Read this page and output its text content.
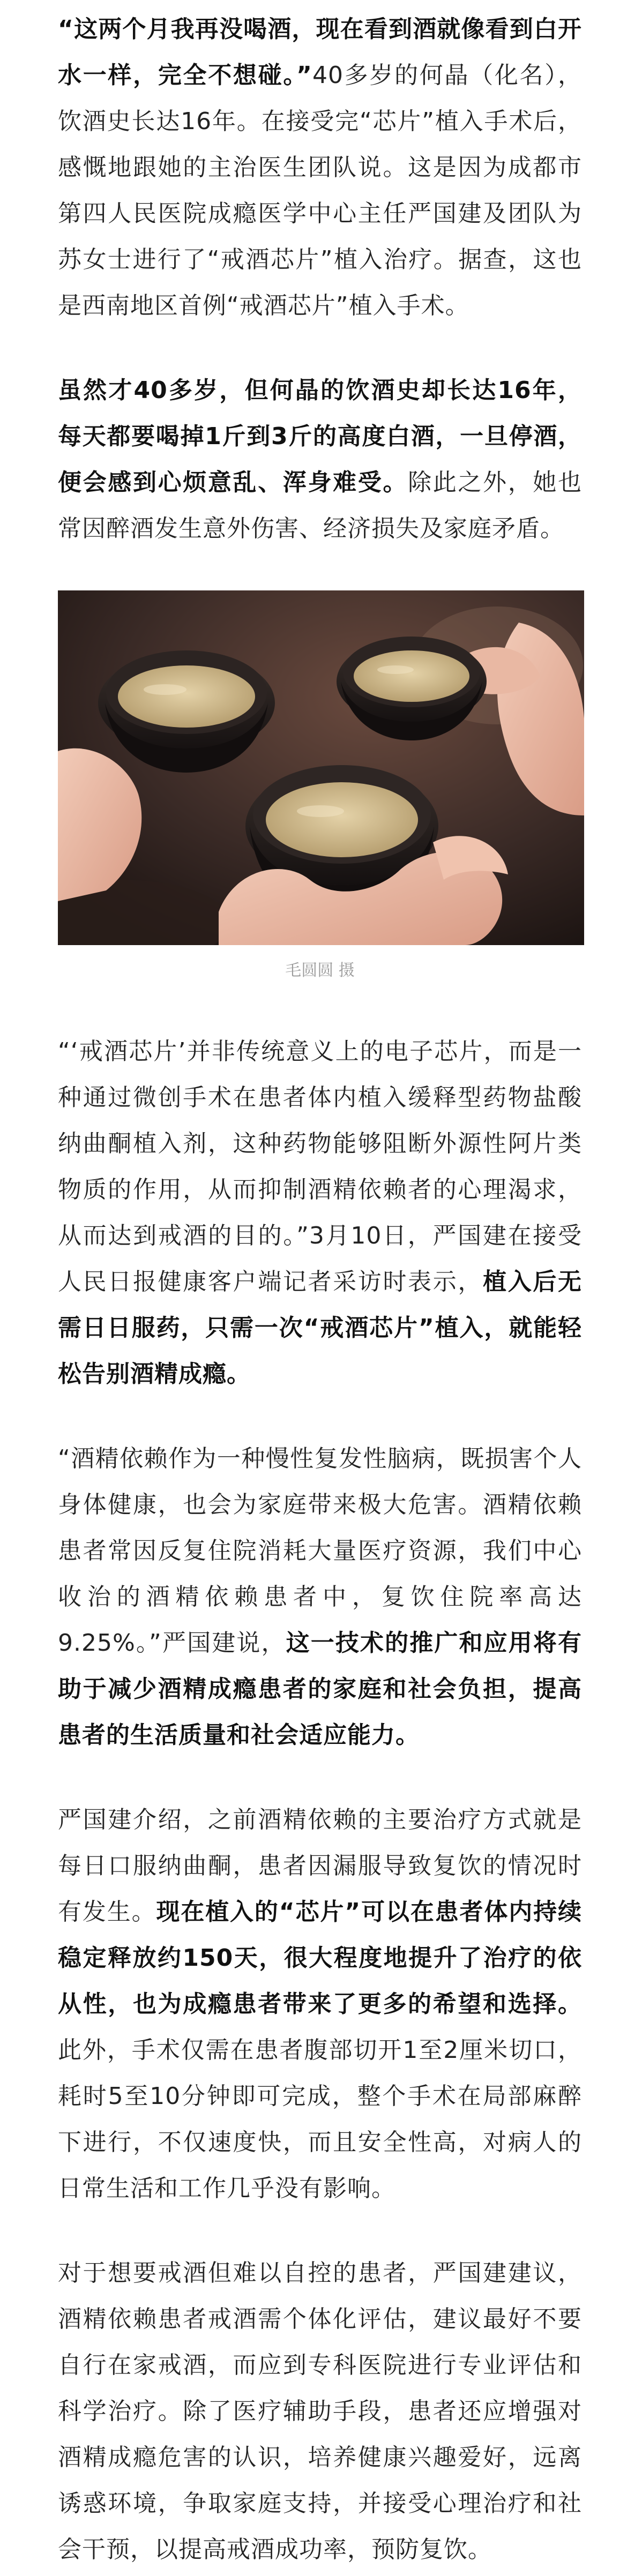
“这两个月我再没喝酒，现在看到酒就像看到白开水一样，完全不想碰。”40多岁的何晶（化名），饮酒史长达16年。在接受完“芯片”植入手术后，感慨地跟她的主治医生团队说。这是因为成都市第四人民医院成瘾医学中心主任严国建及团队为苏女士进行了“戒酒芯片”植入治疗。据查，这也是西南地区首例“戒酒芯片”植入手术。

虽然才40多岁，但何晶的饮酒史却长达16年，每天都要喝掉1斤到3斤的高度白酒，一旦停酒，便会感到心烦意乱、浑身难受。除此之外，她也常因醉酒发生意外伤害、经济损失及家庭矛盾。

毛圆圆 摄

“‘戒酒芯片’并非传统意义上的电子芯片，而是一种通过微创手术在患者体内植入缓释型药物盐酸纳曲酮植入剂，这种药物能够阻断外源性阿片类物质的作用，从而抑制酒精依赖者的心理渴求，从而达到戒酒的目的。”3月10日，严国建在接受人民日报健康客户端记者采访时表示，植入后无需日日服药，只需一次“戒酒芯片”植入，就能轻松告别酒精成瘾。

“酒精依赖作为一种慢性复发性脑病，既损害个人身体健康，也会为家庭带来极大危害。酒精依赖患者常因反复住院消耗大量医疗资源，我们中心收治的酒精依赖患者中，复饮住院率高达9.25%。”严国建说，这一技术的推广和应用将有助于减少酒精成瘾患者的家庭和社会负担，提高患者的生活质量和社会适应能力。

严国建介绍，之前酒精依赖的主要治疗方式就是每日口服纳曲酮，患者因漏服导致复饮的情况时有发生。现在植入的“芯片”可以在患者体内持续稳定释放约150天，很大程度地提升了治疗的依从性，也为成瘾患者带来了更多的希望和选择。此外，手术仅需在患者腹部切开1至2厘米切口，耗时5至10分钟即可完成，整个手术在局部麻醉下进行，不仅速度快，而且安全性高，对病人的日常生活和工作几乎没有影响。

对于想要戒酒但难以自控的患者，严国建建议，酒精依赖患者戒酒需个体化评估，建议最好不要自行在家戒酒，而应到专科医院进行专业评估和科学治疗。除了医疗辅助手段，患者还应增强对酒精成瘾危害的认识，培养健康兴趣爱好，远离诱惑环境，争取家庭支持，并接受心理治疗和社会干预，以提高戒酒成功率，预防复饮。
